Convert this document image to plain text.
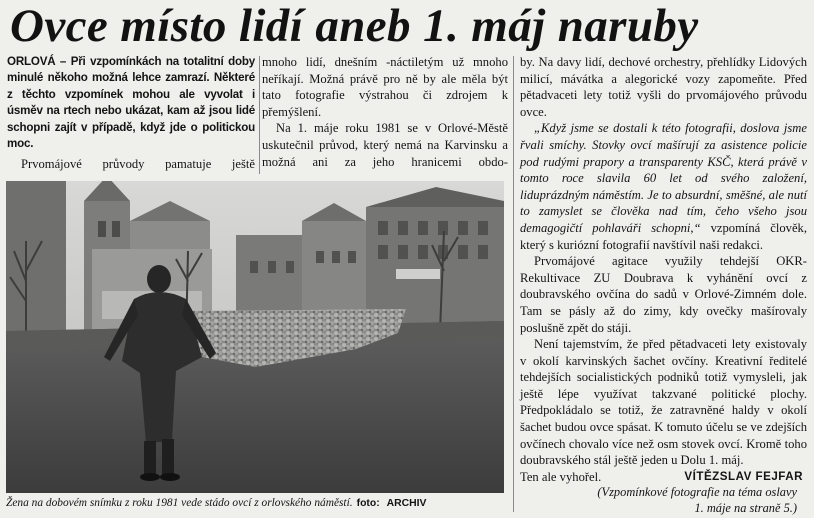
Ovce místo lidí aneb 1. máj naruby

ORLOVÁ – Při vzpomínkách na totalitní doby minulé někoho možná lehce zamrazí. Některé z těchto vzpomínek mohou ale vyvolat i úsměv na rtech nebo ukázat, kam až jsou lidé schopni zajít v případě, když jde o politickou moc.

Prvomájové průvody pamatuje ještě

mnoho lidí, dnešním -náctiletým už mnoho neříkají. Možná právě pro ně by ale měla být tato fotografie výstrahou či zdrojem k přemýšlení.

Na 1. máje roku 1981 se v Orlové-Městě uskutečnil průvod, který nemá na Karvinsku a možná ani za jeho hranicemi obdo-

by. Na davy lidí, dechové orchestry, přehlídky Lidových milicí, mávátka a alegorické vozy zapomeňte. Před pětadvaceti lety totiž vyšli do prvomájového průvodu ovce.

„Když jsme se dostali k této fotografii, doslova jsme řvali smíchy. Stovky ovcí mašírují za asistence policie pod rudými prapory a transparenty KSČ, která právě v tomto roce slavila 60 let od svého založení, liduprázdným náměstím. Je to absurdní, směšné, ale nutí to zamyslet se člověka nad tím, čeho všeho jsou demagogičtí pohlaváři schopni,“ vzpomíná člověk, který s kuriózní fotografií navštívil naši redakci.

Prvomájové agitace využily tehdejší OKR-Rekultivace ZU Doubrava k vyhánění ovcí z doubravského ovčína do sadů v Orlové-Zimném dole. Tam se pásly až do zimy, kdy ovečky mašírovaly poslušně zpět do stáji.

Není tajemstvím, že před pětadvaceti lety existovaly v okolí karvinských šachet ovčíny. Kreativní ředitelé tehdejších socialistických podniků totiž vymysleli, jak ještě lépe využívat takzvané politické plochy. Předpokládalo se totiž, že zatravněné haldy v okolí šachet budou ovce spásat. K tomuto účelu se ve zdejších ovčínech chovalo více než osm stovek ovcí. Kromě toho doubravského stál ještě jeden u Dolu 1. máj.

Ten ale vyhořel.	VÍTĚZSLAV FEJFAR

(Vzpomínkové fotografie na téma oslavy
1. máje na straně 5.)

Žena na dobovém snímku z roku 1981 vede stádo ovcí z orlovského náměstí. foto: ARCHIV
